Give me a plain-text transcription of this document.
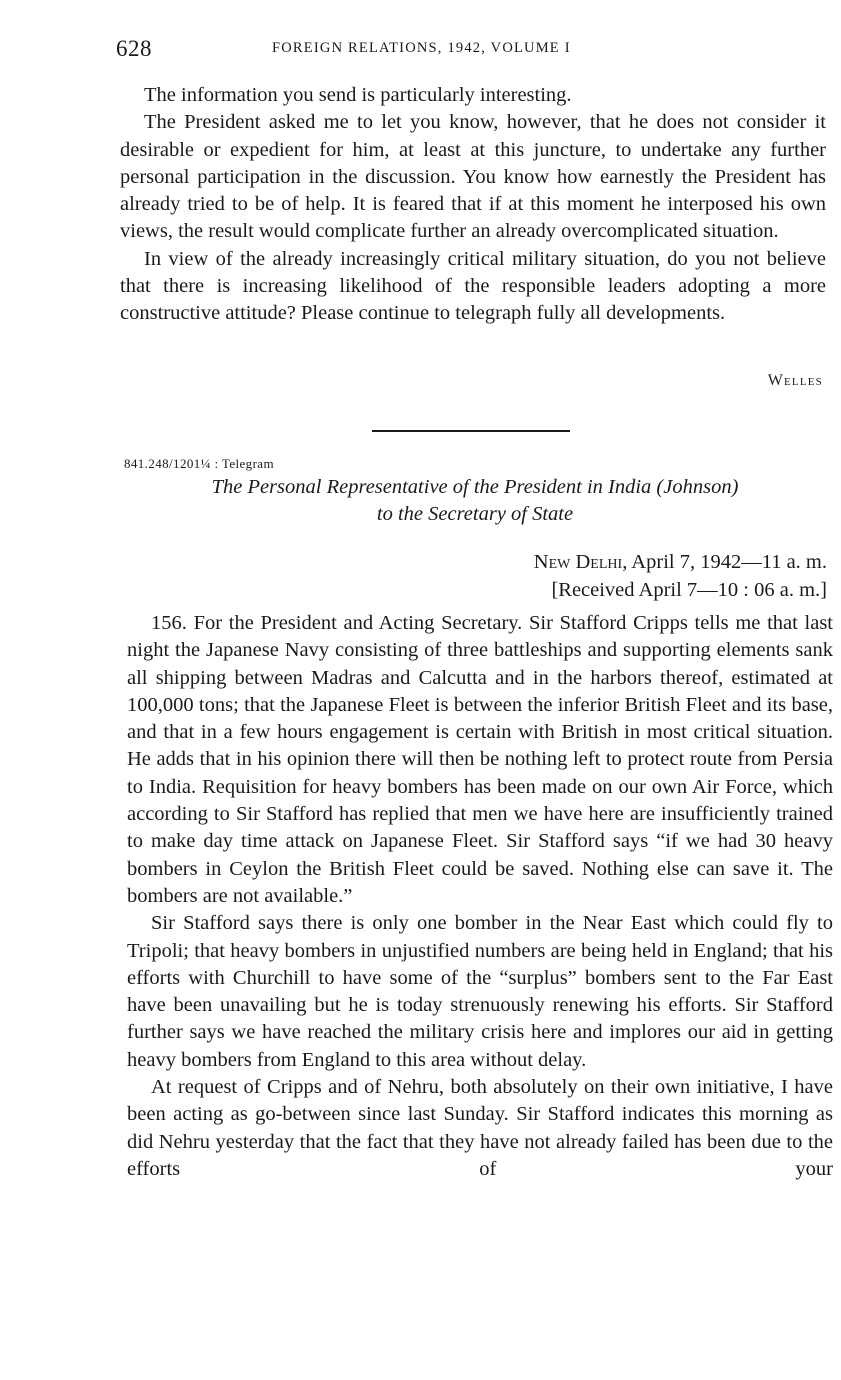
628	FOREIGN RELATIONS, 1942, VOLUME I

The information you send is particularly interesting.

The President asked me to let you know, however, that he does not consider it desirable or expedient for him, at least at this juncture, to undertake any further personal participation in the discussion. You know how earnestly the President has already tried to be of help. It is feared that if at this moment he interposed his own views, the result would complicate further an already overcomplicated situation.

In view of the already increasingly critical military situation, do you not believe that there is increasing likelihood of the responsible leaders adopting a more constructive attitude? Please continue to telegraph fully all developments.

Welles
841.248/1201¼ : Telegram
The Personal Representative of the President in India (Johnson)
to the Secretary of State
New Delhi, April 7, 1942—11 a. m.
[Received April 7—10 : 06 a. m.]

156. For the President and Acting Secretary. Sir Stafford Cripps tells me that last night the Japanese Navy consisting of three battleships and supporting elements sank all shipping between Madras and Calcutta and in the harbors thereof, estimated at 100,000 tons; that the Japanese Fleet is between the inferior British Fleet and its base, and that in a few hours engagement is certain with British in most critical situation. He adds that in his opinion there will then be nothing left to protect route from Persia to India. Requisition for heavy bombers has been made on our own Air Force, which according to Sir Stafford has replied that men we have here are insufficiently trained to make day time attack on Japanese Fleet. Sir Stafford says “if we had 30 heavy bombers in Ceylon the British Fleet could be saved. Nothing else can save it. The bombers are not available.”

Sir Stafford says there is only one bomber in the Near East which could fly to Tripoli; that heavy bombers in unjustified numbers are being held in England; that his efforts with Churchill to have some of the “surplus” bombers sent to the Far East have been unavailing but he is today strenuously renewing his efforts. Sir Stafford further says we have reached the military crisis here and implores our aid in getting heavy bombers from England to this area without delay.

At request of Cripps and of Nehru, both absolutely on their own initiative, I have been acting as go-between since last Sunday. Sir Stafford indicates this morning as did Nehru yesterday that the fact that they have not already failed has been due to the efforts of your
